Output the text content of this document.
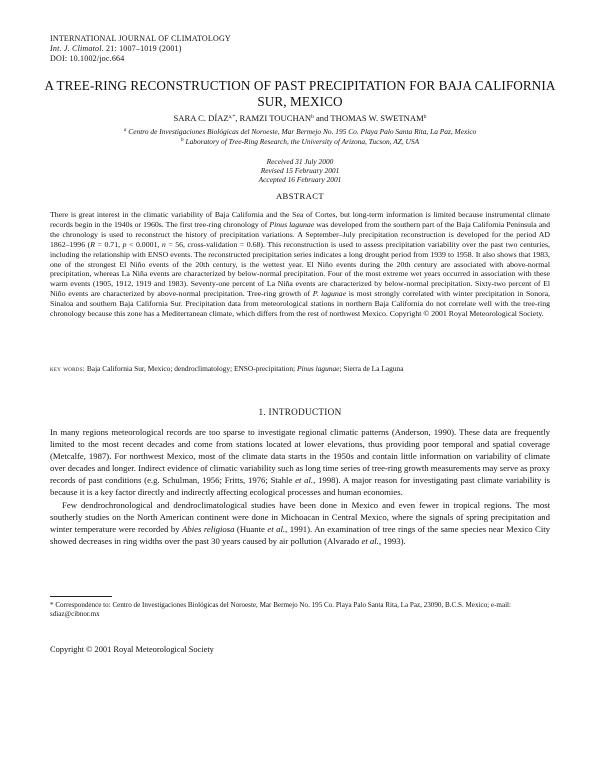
INTERNATIONAL JOURNAL OF CLIMATOLOGY
Int. J. Climatol. 21: 1007–1019 (2001)
DOI: 10.1002/joc.664
A TREE-RING RECONSTRUCTION OF PAST PRECIPITATION FOR BAJA CALIFORNIA SUR, MEXICO
SARA C. $DÍAZ^{a,*}$, RAMZI TOUCHAN$^b$ and THOMAS W. SWETNAM$^b$
$^a$ Centro de Investigaciones Biológicas del Noroeste, Mar Bermejo No. 195 Co. Playa Palo Santa Rita, La Paz, Mexico
$^b$ Laboratory of Tree-Ring Research, the University of Arizona, Tucson, AZ, USA
Received 31 July 2000
Revised 15 February 2001
Accepted 16 February 2001
ABSTRACT
There is great interest in the climatic variability of Baja California and the Sea of Cortes, but long-term information is limited because instrumental climate records begin in the 1940s or 1960s. The first tree-ring chronology of Pinus lagunae was developed from the southern part of the Baja California Peninsula and the chronology is used to reconstruct the history of precipitation variations. A September–July precipitation reconstruction is developed for the period AD 1862–1996 (R = 0.71, p < 0.0001, n = 56, cross-validation = 0.68). This reconstruction is used to assess precipitation variability over the past two centuries, including the relationship with ENSO events. The reconstructed precipitation series indicates a long drought period from 1939 to 1958. It also shows that 1983, one of the strongest El Niño events of the 20th century, is the wettest year. El Niño events during the 20th century are associated with above-normal precipitation, whereas La Niña events are characterized by below-normal precipitation. Four of the most extreme wet years occurred in association with these warm events (1905, 1912, 1919 and 1983). Seventy-one percent of La Niña events are characterized by below-normal precipitation. Sixty-two percent of El Niño events are characterized by above-normal precipitation. Tree-ring growth of P. lagunae is most strongly correlated with winter precipitation in Sonora, Sinaloa and southern Baja California Sur. Precipitation data from meteorological stations in northern Baja California do not correlate well with the tree-ring chronology because this zone has a Mediterranean climate, which differs from the rest of northwest Mexico. Copyright © 2001 Royal Meteorological Society.
key words: Baja California Sur, Mexico; dendroclimatology; ENSO-precipitation; Pinus lagunae; Sierra de La Laguna
1. INTRODUCTION

In many regions meteorological records are too sparse to investigate regional climatic patterns (Anderson, 1990). These data are frequently limited to the most recent decades and come from stations located at lower elevations, thus providing poor temporal and spatial coverage (Metcalfe, 1987). For northwest Mexico, most of the climate data starts in the 1950s and contain little information on variability of climate over decades and longer. Indirect evidence of climatic variability such as long time series of tree-ring growth measurements may serve as proxy records of past conditions (e.g. Schulman, 1956; Fritts, 1976; Stahle et al., 1998). A major reason for investigating past climate variability is because it is a key factor directly and indirectly affecting ecological processes and human economies.

Few dendrochronological and dendroclimatological studies have been done in Mexico and even fewer in tropical regions. The most southerly studies on the North American continent were done in Michoacan in Central Mexico, where the signals of spring precipitation and winter temperature were recorded by Abies religiosa (Huante et al., 1991). An examination of tree rings of the same species near Mexico City showed decreases in ring widths over the past 30 years caused by air pollution (Alvarado et al., 1993).

* Correspondence to: Centro de Investigaciones Biológicas del Noroeste, Mar Bermejo No. 195 Co. Playa Palo Santa Rita, La Paz, 23090, B.C.S. Mexico; e-mail: sdiaz@cibnor.mx
Copyright © 2001 Royal Meteorological Society
